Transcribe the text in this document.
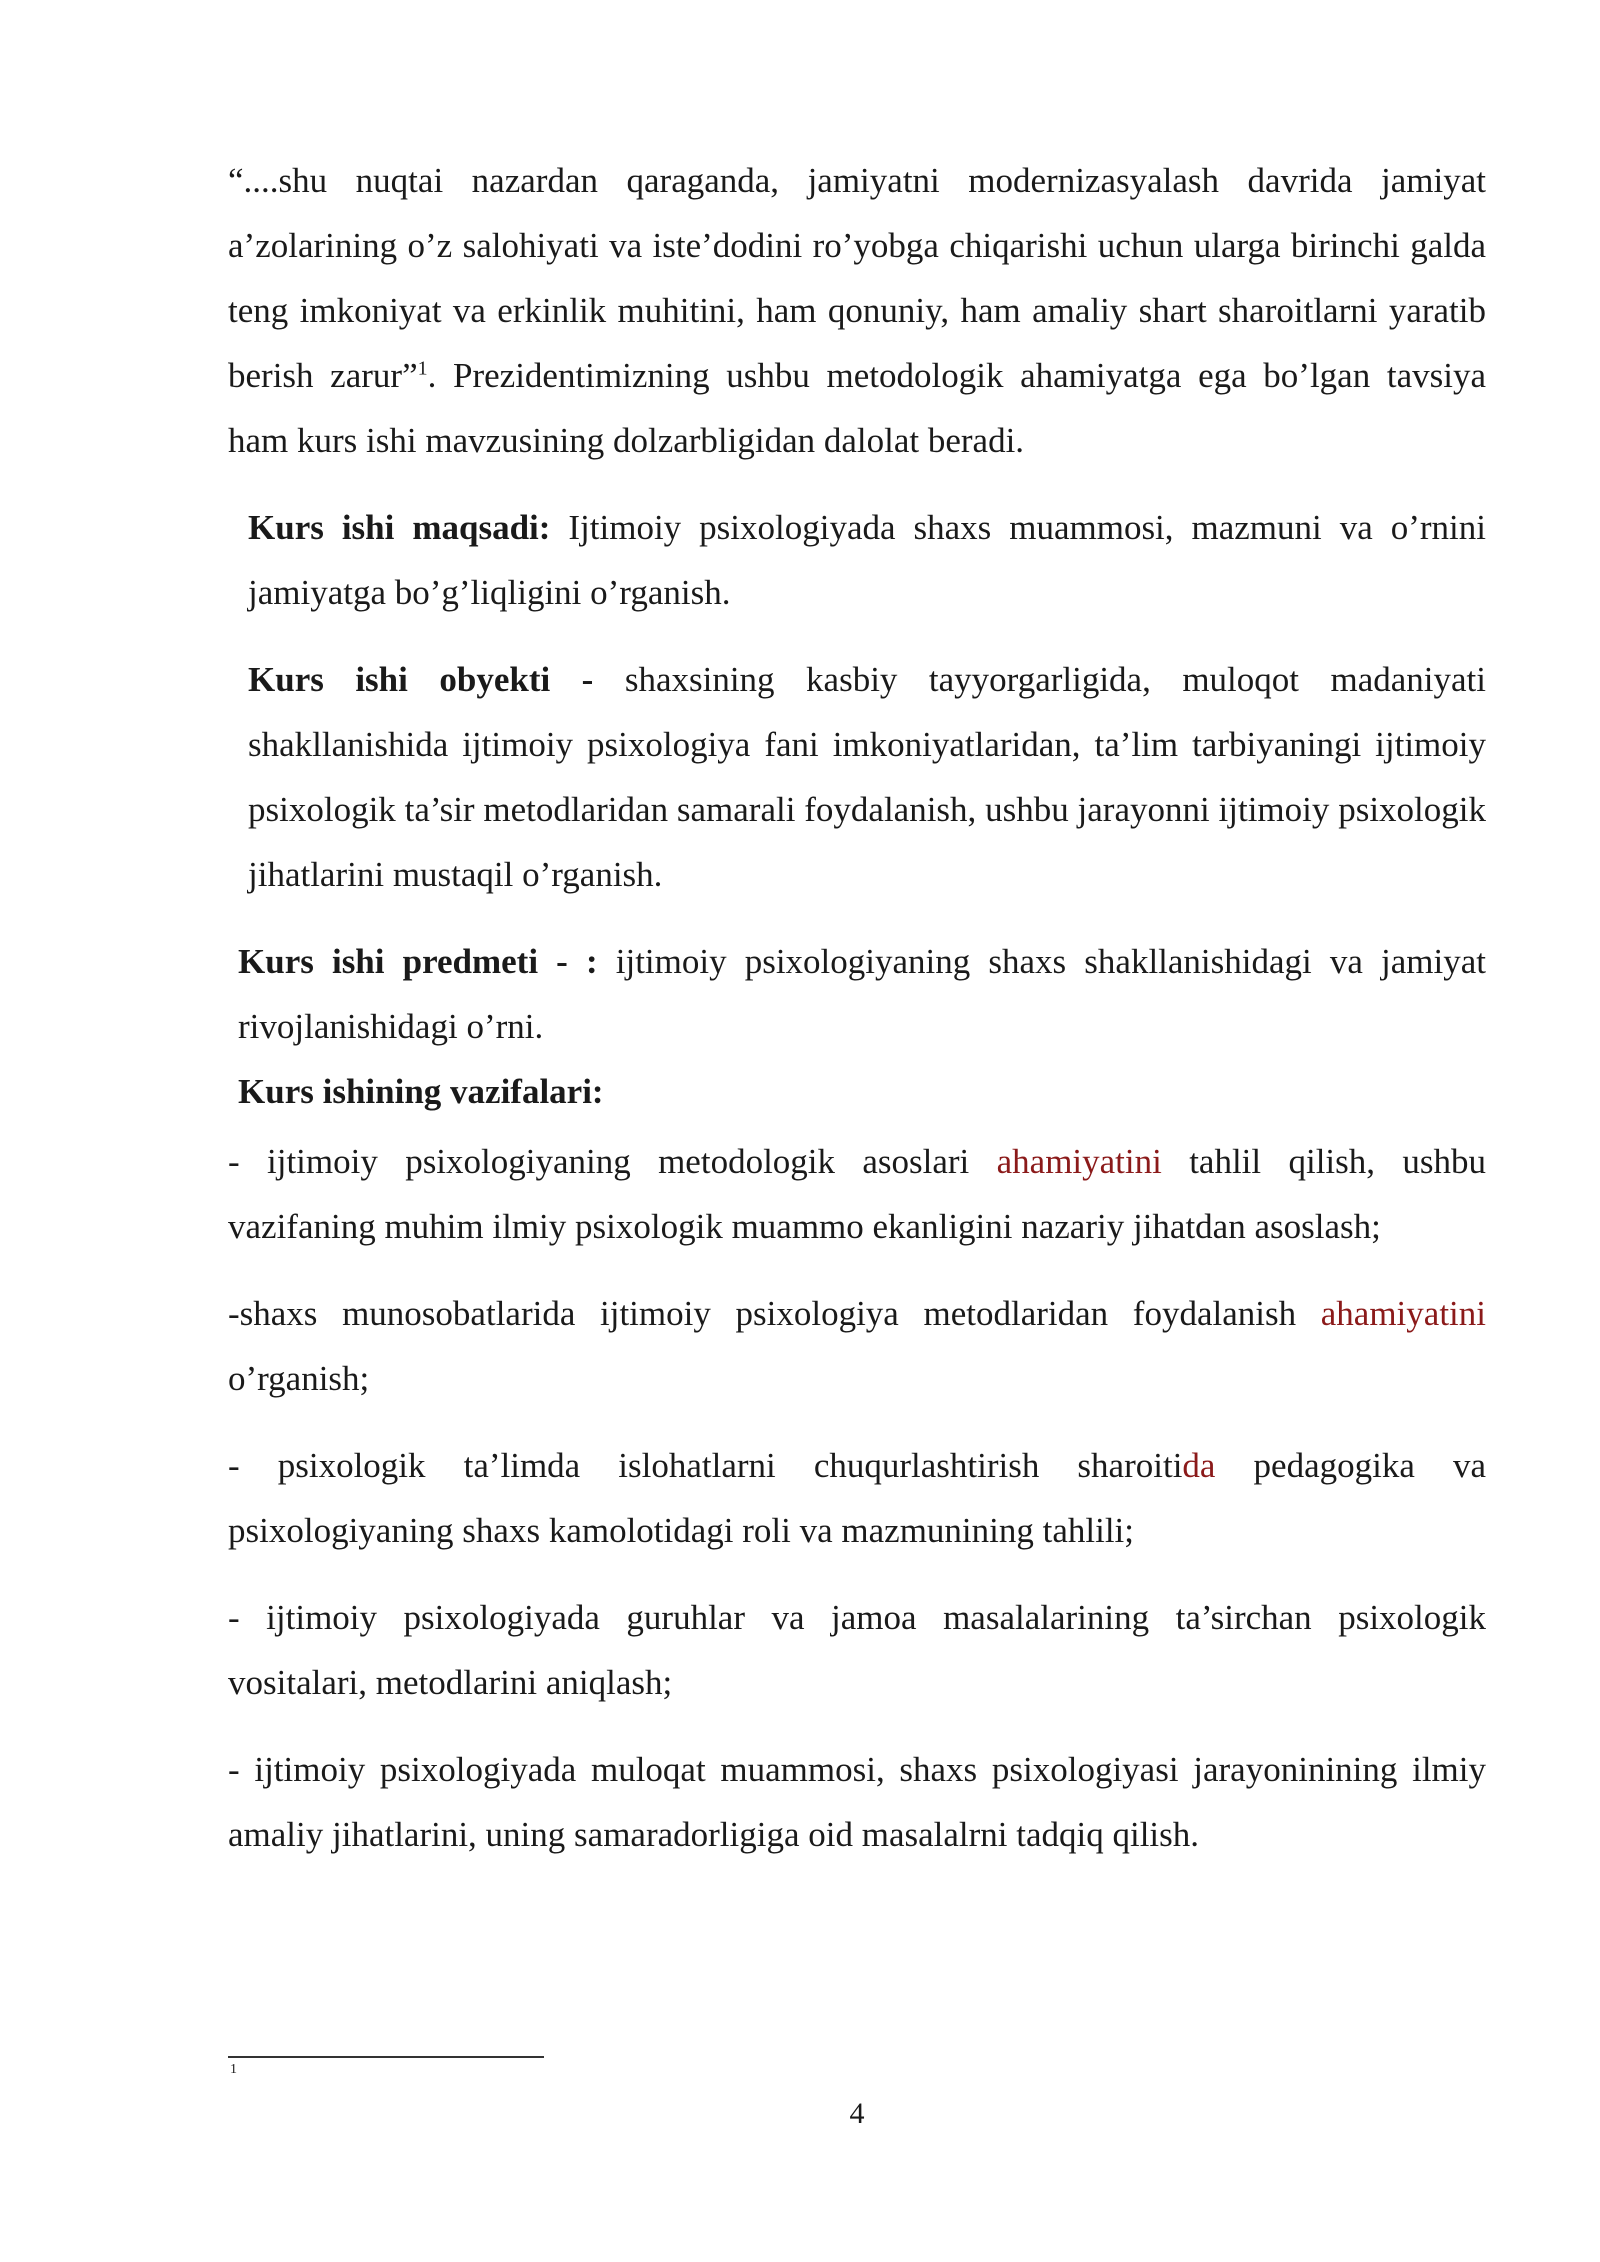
“....shu nuqtai nazardan qaraganda, jamiyatni modernizasyalash davrida jamiyat a’zolarining o’z salohiyati va iste’dodini ro’yobga chiqarishi uchun ularga birinchi galda teng imkoniyat va erkinlik muhitini, ham qonuniy, ham amaliy shart sharoitlarni yaratib berish zarur”$^1$. Prezidentimizning ushbu metodologik ahamiyatga ega bo’lgan tavsiya ham kurs ishi mavzusining dolzarbligidan dalolat beradi.

Kurs ishi maqsadi: Ijtimoiy psixologiyada shaxs muammosi, mazmuni va o’rnini jamiyatga bo’g’liqligini o’rganish.

Kurs ishi obyekti - shaxsining kasbiy tayyorgarligida, muloqot madaniyati shakllanishida ijtimoiy psixologiya fani imkoniyatlaridan, ta’lim tarbiyaningi ijtimoiy psixologik ta’sir metodlaridan samarali foydalanish, ushbu jarayonni ijtimoiy psixologik jihatlarini mustaqil o’rganish.

Kurs ishi predmeti - : ijtimoiy psixologiyaning shaxs shakllanishidagi va jamiyat rivojlanishidagi o’rni.

Kurs ishining vazifalari:

- ijtimoiy psixologiyaning metodologik asoslari ahamiyatini tahlil qilish, ushbu vazifaning muhim ilmiy psixologik muammo ekanligini nazariy jihatdan asoslash;

-shaxs munosobatlarida ijtimoiy psixologiya metodlaridan foydalanish ahamiyatini o’rganish;

- psixologik ta’limda islohatlarni chuqurlashtirish sharoitida pedagogika va psixologiyaning shaxs kamolotidagi roli va mazmunining tahlili;

- ijtimoiy psixologiyada guruhlar va jamoa masalalarining ta’sirchan psixologik vositalari, metodlarini aniqlash;

- ijtimoiy psixologiyada muloqat muammosi, shaxs psixologiyasi jarayoninining ilmiy amaliy jihatlarini, uning samaradorligiga oid masalalrni tadqiq qilish.

1
4
